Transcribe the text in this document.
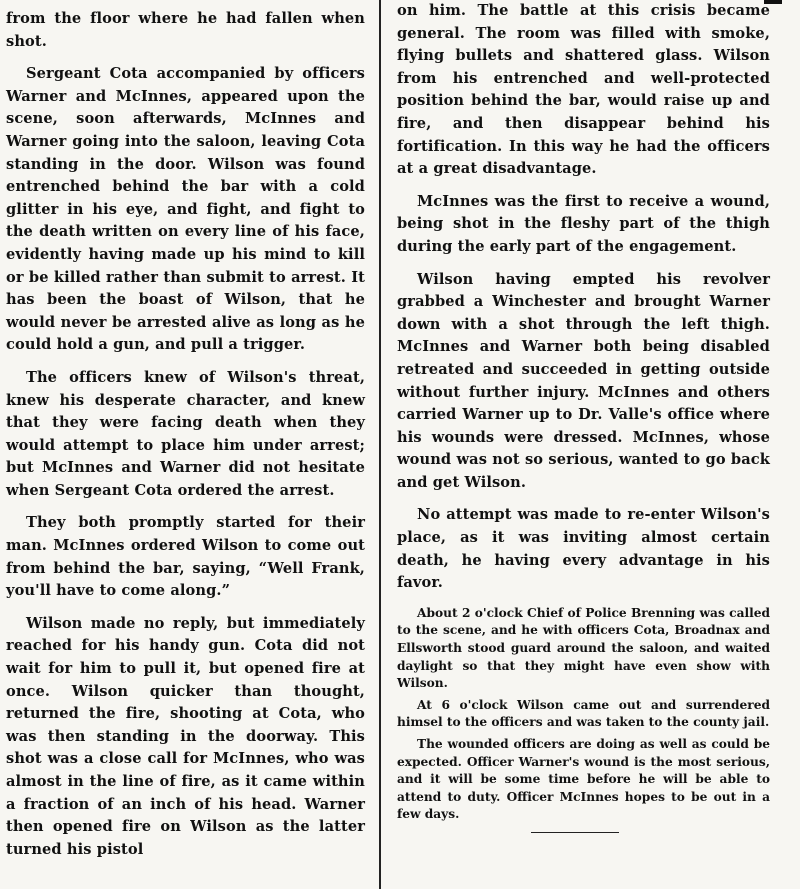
from the floor where he had fallen when shot.

Sergeant Cota accompanied by officers Warner and McInnes, appeared upon the scene, soon afterwards, McInnes and Warner going into the saloon, leaving Cota standing in the door. Wilson was found entrenched behind the bar with a cold glitter in his eye, and fight, and fight to the death written on every line of his face, evidently having made up his mind to kill or be killed rather than submit to arrest. It has been the boast of Wilson, that he would never be arrested alive as long as he could hold a gun, and pull a trigger.

The officers knew of Wilson's threat, knew his desperate character, and knew that they were facing death when they would attempt to place him under arrest; but McInnes and Warner did not hesitate when Sergeant Cota ordered the arrest.

They both promptly started for their man. McInnes ordered Wilson to come out from behind the bar, saying, “Well Frank, you'll have to come along.”

Wilson made no reply, but immediately reached for his handy gun. Cota did not wait for him to pull it, but opened fire at once. Wilson quicker than thought, returned the fire, shooting at Cota, who was then standing in the doorway. This shot was a close call for McInnes, who was almost in the line of fire, as it came within a fraction of an inch of his head. Warner then opened fire on Wilson as the latter turned his pistol

on him. The battle at this crisis became general. The room was filled with smoke, flying bullets and shattered glass. Wilson from his entrenched and well-protected position behind the bar, would raise up and fire, and then disappear behind his fortification. In this way he had the officers at a great disadvantage.

McInnes was the first to receive a wound, being shot in the fleshy part of the thigh during the early part of the engagement.

Wilson having empted his revolver grabbed a Winchester and brought Warner down with a shot through the left thigh. McInnes and Warner both being disabled retreated and succeeded in getting outside without further injury. McInnes and others carried Warner up to Dr. Valle's office where his wounds were dressed. McInnes, whose wound was not so serious, wanted to go back and get Wilson.

No attempt was made to re-enter Wilson's place, as it was inviting almost certain death, he having every advantage in his favor.

About 2 o'clock Chief of Police Brenning was called to the scene, and he with officers Cota, Broadnax and Ellsworth stood guard around the saloon, and waited daylight so that they might have even show with Wilson.

At 6 o'clock Wilson came out and surrendered himsel to the officers and was taken to the county jail.

The wounded officers are doing as well as could be expected. Officer Warner's wound is the most serious, and it will be some time before he will be able to attend to duty. Officer McInnes hopes to be out in a few days.
